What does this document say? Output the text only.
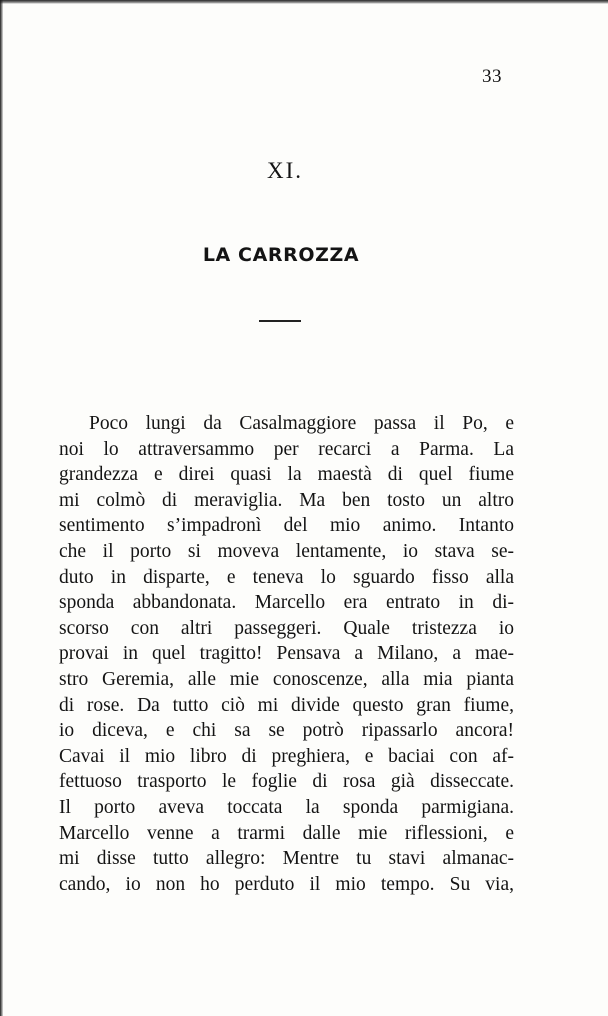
33
XI.
LA CARROZZA
Poco lungi da Casalmaggiore passa il Po, e
noi lo attraversammo per recarci a Parma. La
grandezza e direi quasi la maestà di quel fiume
mi colmò di meraviglia. Ma ben tosto un altro
sentimento s’impadronì del mio animo. Intanto
che il porto si moveva lentamente, io stava se-
duto in disparte, e teneva lo sguardo fisso alla
sponda abbandonata. Marcello era entrato in di-
scorso con altri passeggeri. Quale tristezza io
provai in quel tragitto! Pensava a Milano, a mae-
stro Geremia, alle mie conoscenze, alla mia pianta
di rose. Da tutto ciò mi divide questo gran fiume,
io diceva, e chi sa se potrò ripassarlo ancora!
Cavai il mio libro di preghiera, e baciai con af-
fettuoso trasporto le foglie di rosa già disseccate.
Il porto aveva toccata la sponda parmigiana.
Marcello venne a trarmi dalle mie riflessioni, e
mi disse tutto allegro: Mentre tu stavi almanac-
cando, io non ho perduto il mio tempo. Su via,
